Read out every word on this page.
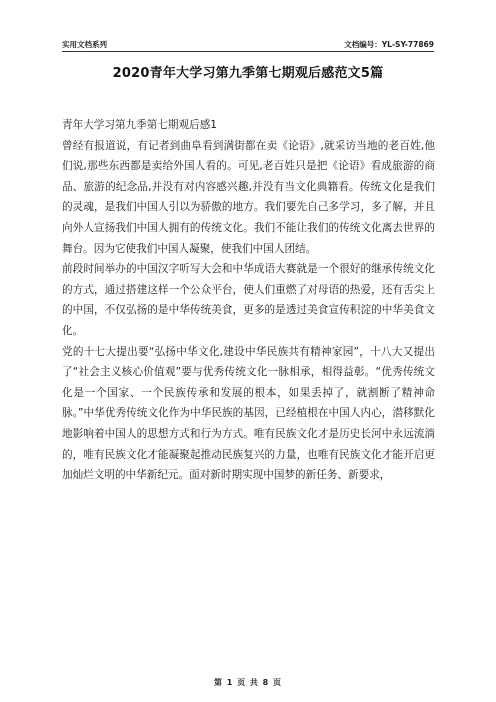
实用文档系列	文档编号：YL-SY-77869
2020青年大学习第九季第七期观后感范文5篇

青年大学习第九季第七期观后感1

曾经有报道说，有记者到曲阜看到满街都在卖《论语》,就采访当地的老百姓,他们说,那些东西都是卖给外国人看的。可见,老百姓只是把《论语》看成旅游的商品、旅游的纪念品,并没有对内容感兴趣,并没有当文化典籍看。传统文化是我们的灵魂，是我们中国人引以为骄傲的地方。我们要先自己多学习，多了解，并且向外人宣扬我们中国人拥有的传统文化。我们不能让我们的传统文化离去世界的舞台。因为它使我们中国人凝聚，使我们中国人团结。

前段时间举办的中国汉字听写大会和中华成语大赛就是一个很好的继承传统文化的方式，通过搭建这样一个公众平台，使人们重燃了对母语的热爱，还有舌尖上的中国，不仅弘扬的是中华传统美食，更多的是透过美食宣传积淀的中华美食文化。

党的十七大提出要“弘扬中华文化,建设中华民族共有精神家园”，十八大又提出了“社会主义核心价值观”要与优秀传统文化一脉相承，相得益彰。“优秀传统文化是一个国家、一个民族传承和发展的根本，如果丢掉了，就割断了精神命脉。”中华优秀传统文化作为中华民族的基因，已经植根在中国人内心，潜移默化地影响着中国人的思想方式和行为方式。唯有民族文化才是历史长河中永远流淌的，唯有民族文化才能凝聚起推动民族复兴的力量，也唯有民族文化才能开启更加灿烂文明的中华新纪元。面对新时期实现中国梦的新任务、新要求，

第 1 页 共 8 页
